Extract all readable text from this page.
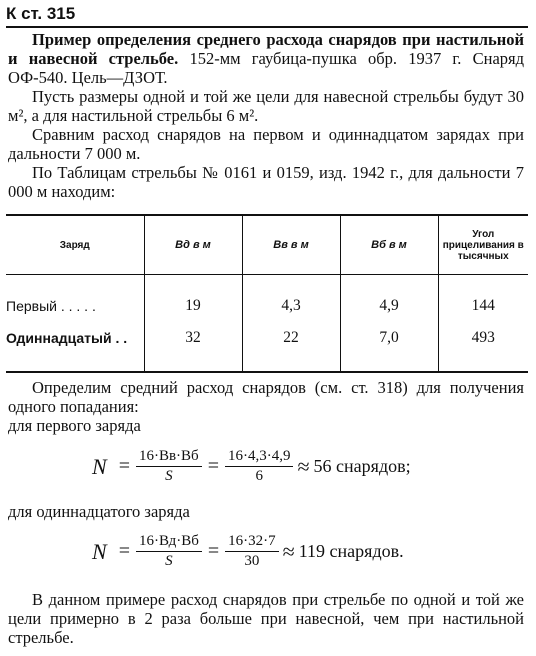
К ст. 315
Пример определения среднего расхода снарядов при настильной и навесной стрельбе. 152-мм гаубица-пушка обр. 1937 г. Снаряд ОФ-540. Цель—ДЗОТ.
Пусть размеры одной и той же цели для навесной стрельбы будут 30 м², а для настильной стрельбы 6 м².
Сравним расход снарядов на первом и одиннадцатом зарядах при дальности 7 000 м.
По Таблицам стрельбы № 0161 и 0159, изд. 1942 г., для дальности 7 000 м находим:
Заряд	Вд в м	Вв в м	Вб в м	Угол прицеливания в тысячных
Первый . . . . .	19	4,3	4,9	144
Одиннадцатый . .	32	22	7,0	493
Определим средний расход снарядов (см. ст. 318) для получения одного попадания:
для первого заряда
$N = \frac{16\cdot Вв\cdot Вб}{S} = \frac{16\cdot 4,3\cdot 4,9}{6} \approx 56$ снарядов;
для одиннадцатого заряда
$N = \frac{16\cdot Вд\cdot Вб}{S} = \frac{16\cdot 32\cdot 7}{30} \approx 119$ снарядов.
В данном примере расход снарядов при стрельбе по одной и той же цели примерно в 2 раза больше при навесной, чем при настильной стрельбе.
